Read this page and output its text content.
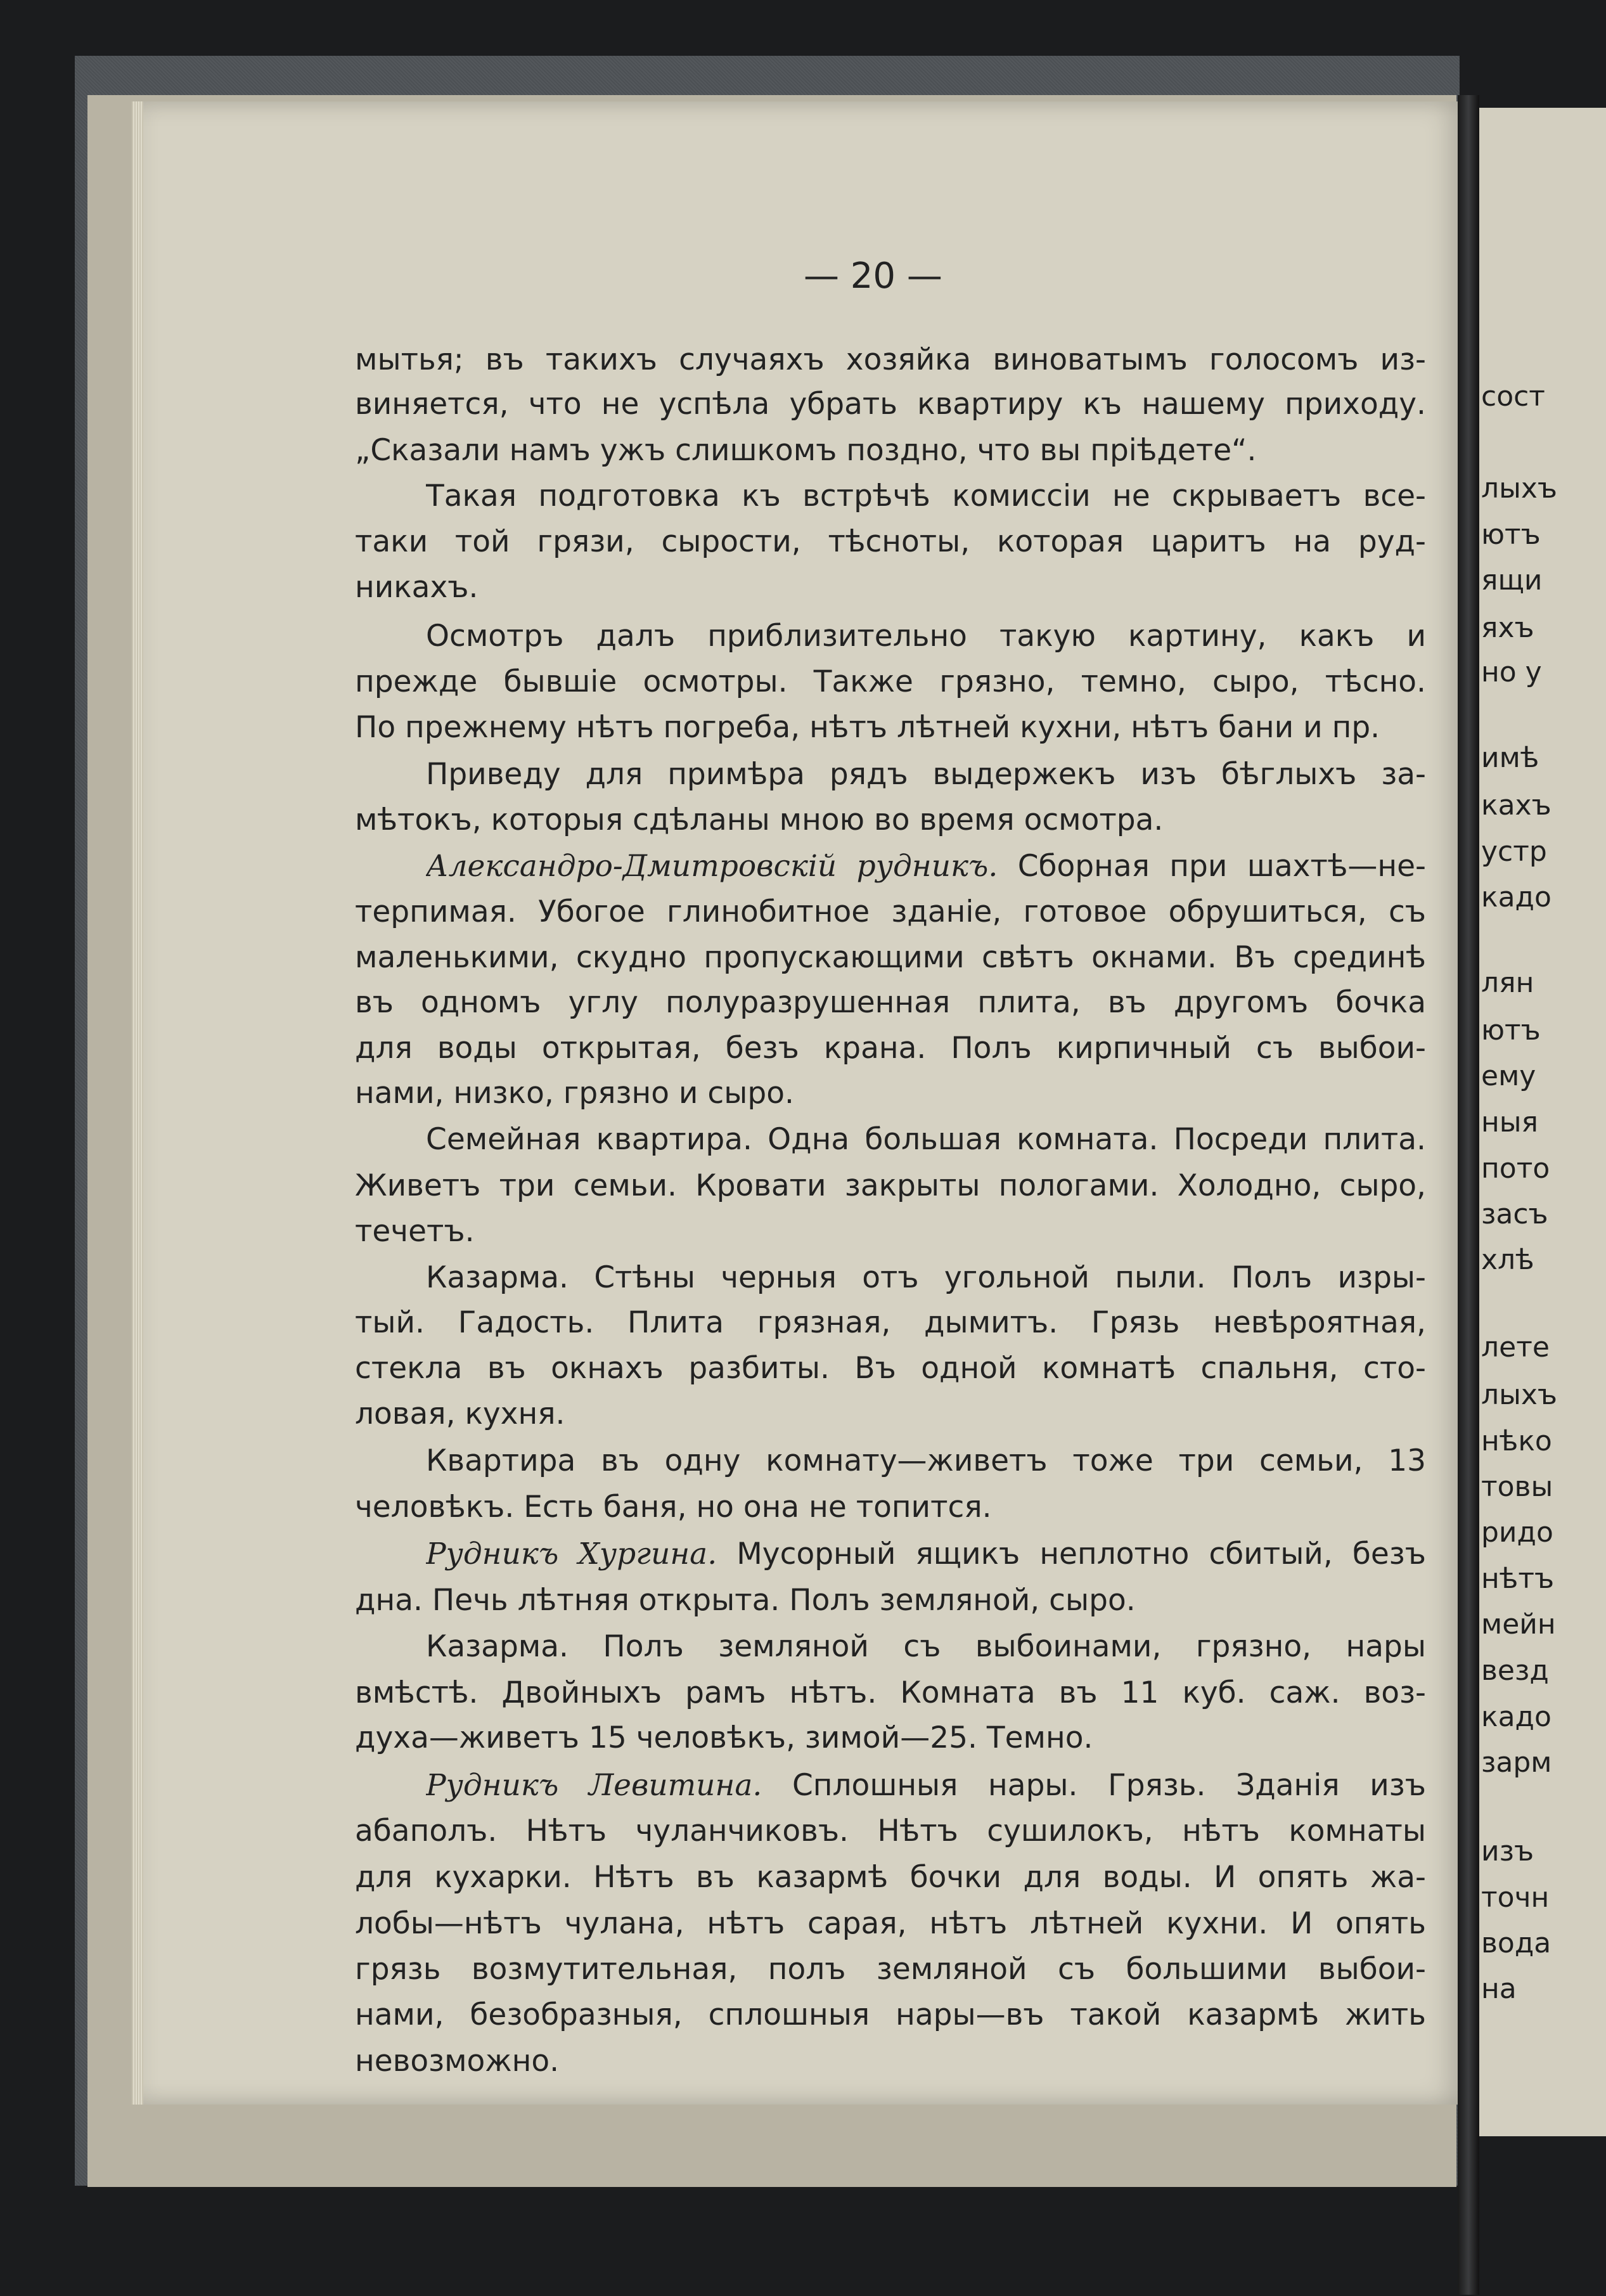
сост
лыхъ
ютъ
ящи
яхъ
но у
имѣ
кахъ
устр
кадо
лян
ютъ
ему
ныя
пото
засъ
хлѣ
лете
лыхъ
нѣко
товы
ридо
нѣтъ
мейн
везд
кадо
зарм
изъ
точн
вода
на
— 20 —
мытья; въ такихъ случаяхъ хозяйка виноватымъ голосомъ из-
виняется, что не успѣла убрать квартиру къ нашему приходу.
„Сказали намъ ужъ слишкомъ поздно, что вы пріѣдете“.
Такая подготовка къ встрѣчѣ комиссіи не скрываетъ все-
таки той грязи, сырости, тѣсноты, которая царитъ на руд-
никахъ.
Осмотръ далъ приблизительно такую картину, какъ и
прежде бывшіе осмотры. Также грязно, темно, сыро, тѣсно.
По прежнему нѣтъ погреба, нѣтъ лѣтней кухни, нѣтъ бани и пр.
Приведу для примѣра рядъ выдержекъ изъ бѣглыхъ за-
мѣтокъ, которыя сдѣланы мною во время осмотра.
Александро-Дмитровскій рудникъ. Сборная при шахтѣ—не-
терпимая. Убогое глинобитное зданіе, готовое обрушиться, съ
маленькими, скудно пропускающими свѣтъ окнами. Въ срединѣ
въ одномъ углу полуразрушенная плита, въ другомъ бочка
для воды открытая, безъ крана. Полъ кирпичный съ выбои-
нами, низко, грязно и сыро.
Семейная квартира. Одна большая комната. Посреди плита.
Живетъ три семьи. Кровати закрыты пологами. Холодно, сыро,
течетъ.
Казарма. Стѣны черныя отъ угольной пыли. Полъ изры-
тый. Гадость. Плита грязная, дымитъ. Грязь невѣроятная,
стекла въ окнахъ разбиты. Въ одной комнатѣ спальня, сто-
ловая, кухня.
Квартира въ одну комнату—живетъ тоже три семьи, 13
человѣкъ. Есть баня, но она не топится.
Рудникъ Хургина. Мусорный ящикъ неплотно сбитый, безъ
дна. Печь лѣтняя открыта. Полъ земляной, сыро.
Казарма. Полъ земляной съ выбоинами, грязно, нары
вмѣстѣ. Двойныхъ рамъ нѣтъ. Комната въ 11 куб. саж. воз-
духа—живетъ 15 человѣкъ, зимой—25. Темно.
Рудникъ Левитина. Сплошныя нары. Грязь. Зданія изъ
абаполъ. Нѣтъ чуланчиковъ. Нѣтъ сушилокъ, нѣтъ комнаты
для кухарки. Нѣтъ въ казармѣ бочки для воды. И опять жа-
лобы—нѣтъ чулана, нѣтъ сарая, нѣтъ лѣтней кухни. И опять
грязь возмутительная, полъ земляной съ большими выбои-
нами, безобразныя, сплошныя нары—въ такой казармѣ жить
невозможно.
